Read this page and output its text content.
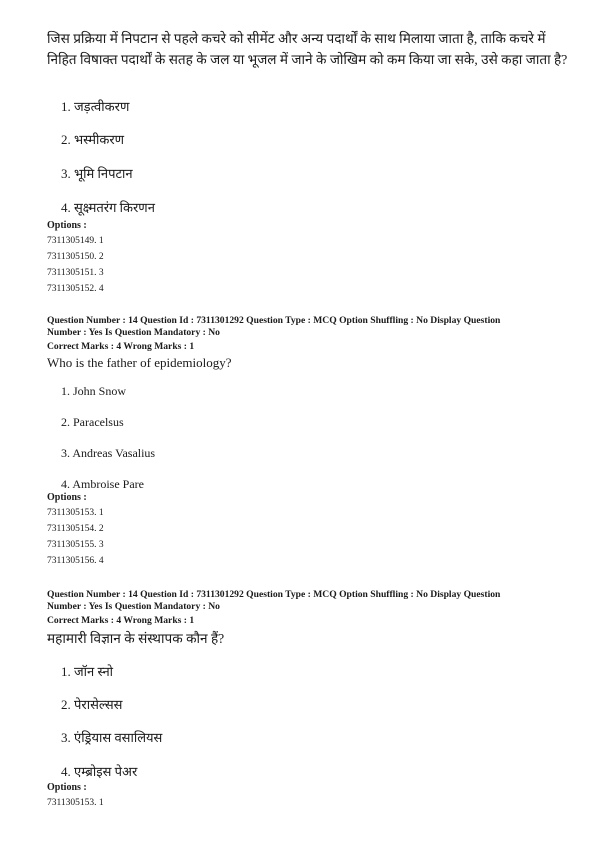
जिस प्रक्रिया में निपटान से पहले कचरे को सीमेंट और अन्य पदार्थों के साथ मिलाया जाता है, ताकि कचरे में निहित विषाक्त पदार्थों के सतह के जल या भूजल में जाने के जोखिम को कम किया जा सके, उसे कहा जाता है?

1. जड़त्वीकरण
2. भस्मीकरण
3. भूमि निपटान
4. सूक्ष्मतरंग किरणन
Options :
7311305149. 1
7311305150. 2
7311305151. 3
7311305152. 4
Question Number : 14 Question Id : 7311301292 Question Type : MCQ Option Shuffling : No Display Question
Number : Yes Is Question Mandatory : No
Correct Marks : 4 Wrong Marks : 1

Who is the father of epidemiology?

1. John Snow
2. Paracelsus
3. Andreas Vasalius
4. Ambroise Pare
Options :
7311305153. 1
7311305154. 2
7311305155. 3
7311305156. 4
Question Number : 14 Question Id : 7311301292 Question Type : MCQ Option Shuffling : No Display Question
Number : Yes Is Question Mandatory : No
Correct Marks : 4 Wrong Marks : 1

महामारी विज्ञान के संस्थापक कौन हैं?

1. जॉन स्नो
2. पेरासेल्सस
3. एंड्रियास वसालियस
4. एम्ब्रोइस पेअर
Options :
7311305153. 1
